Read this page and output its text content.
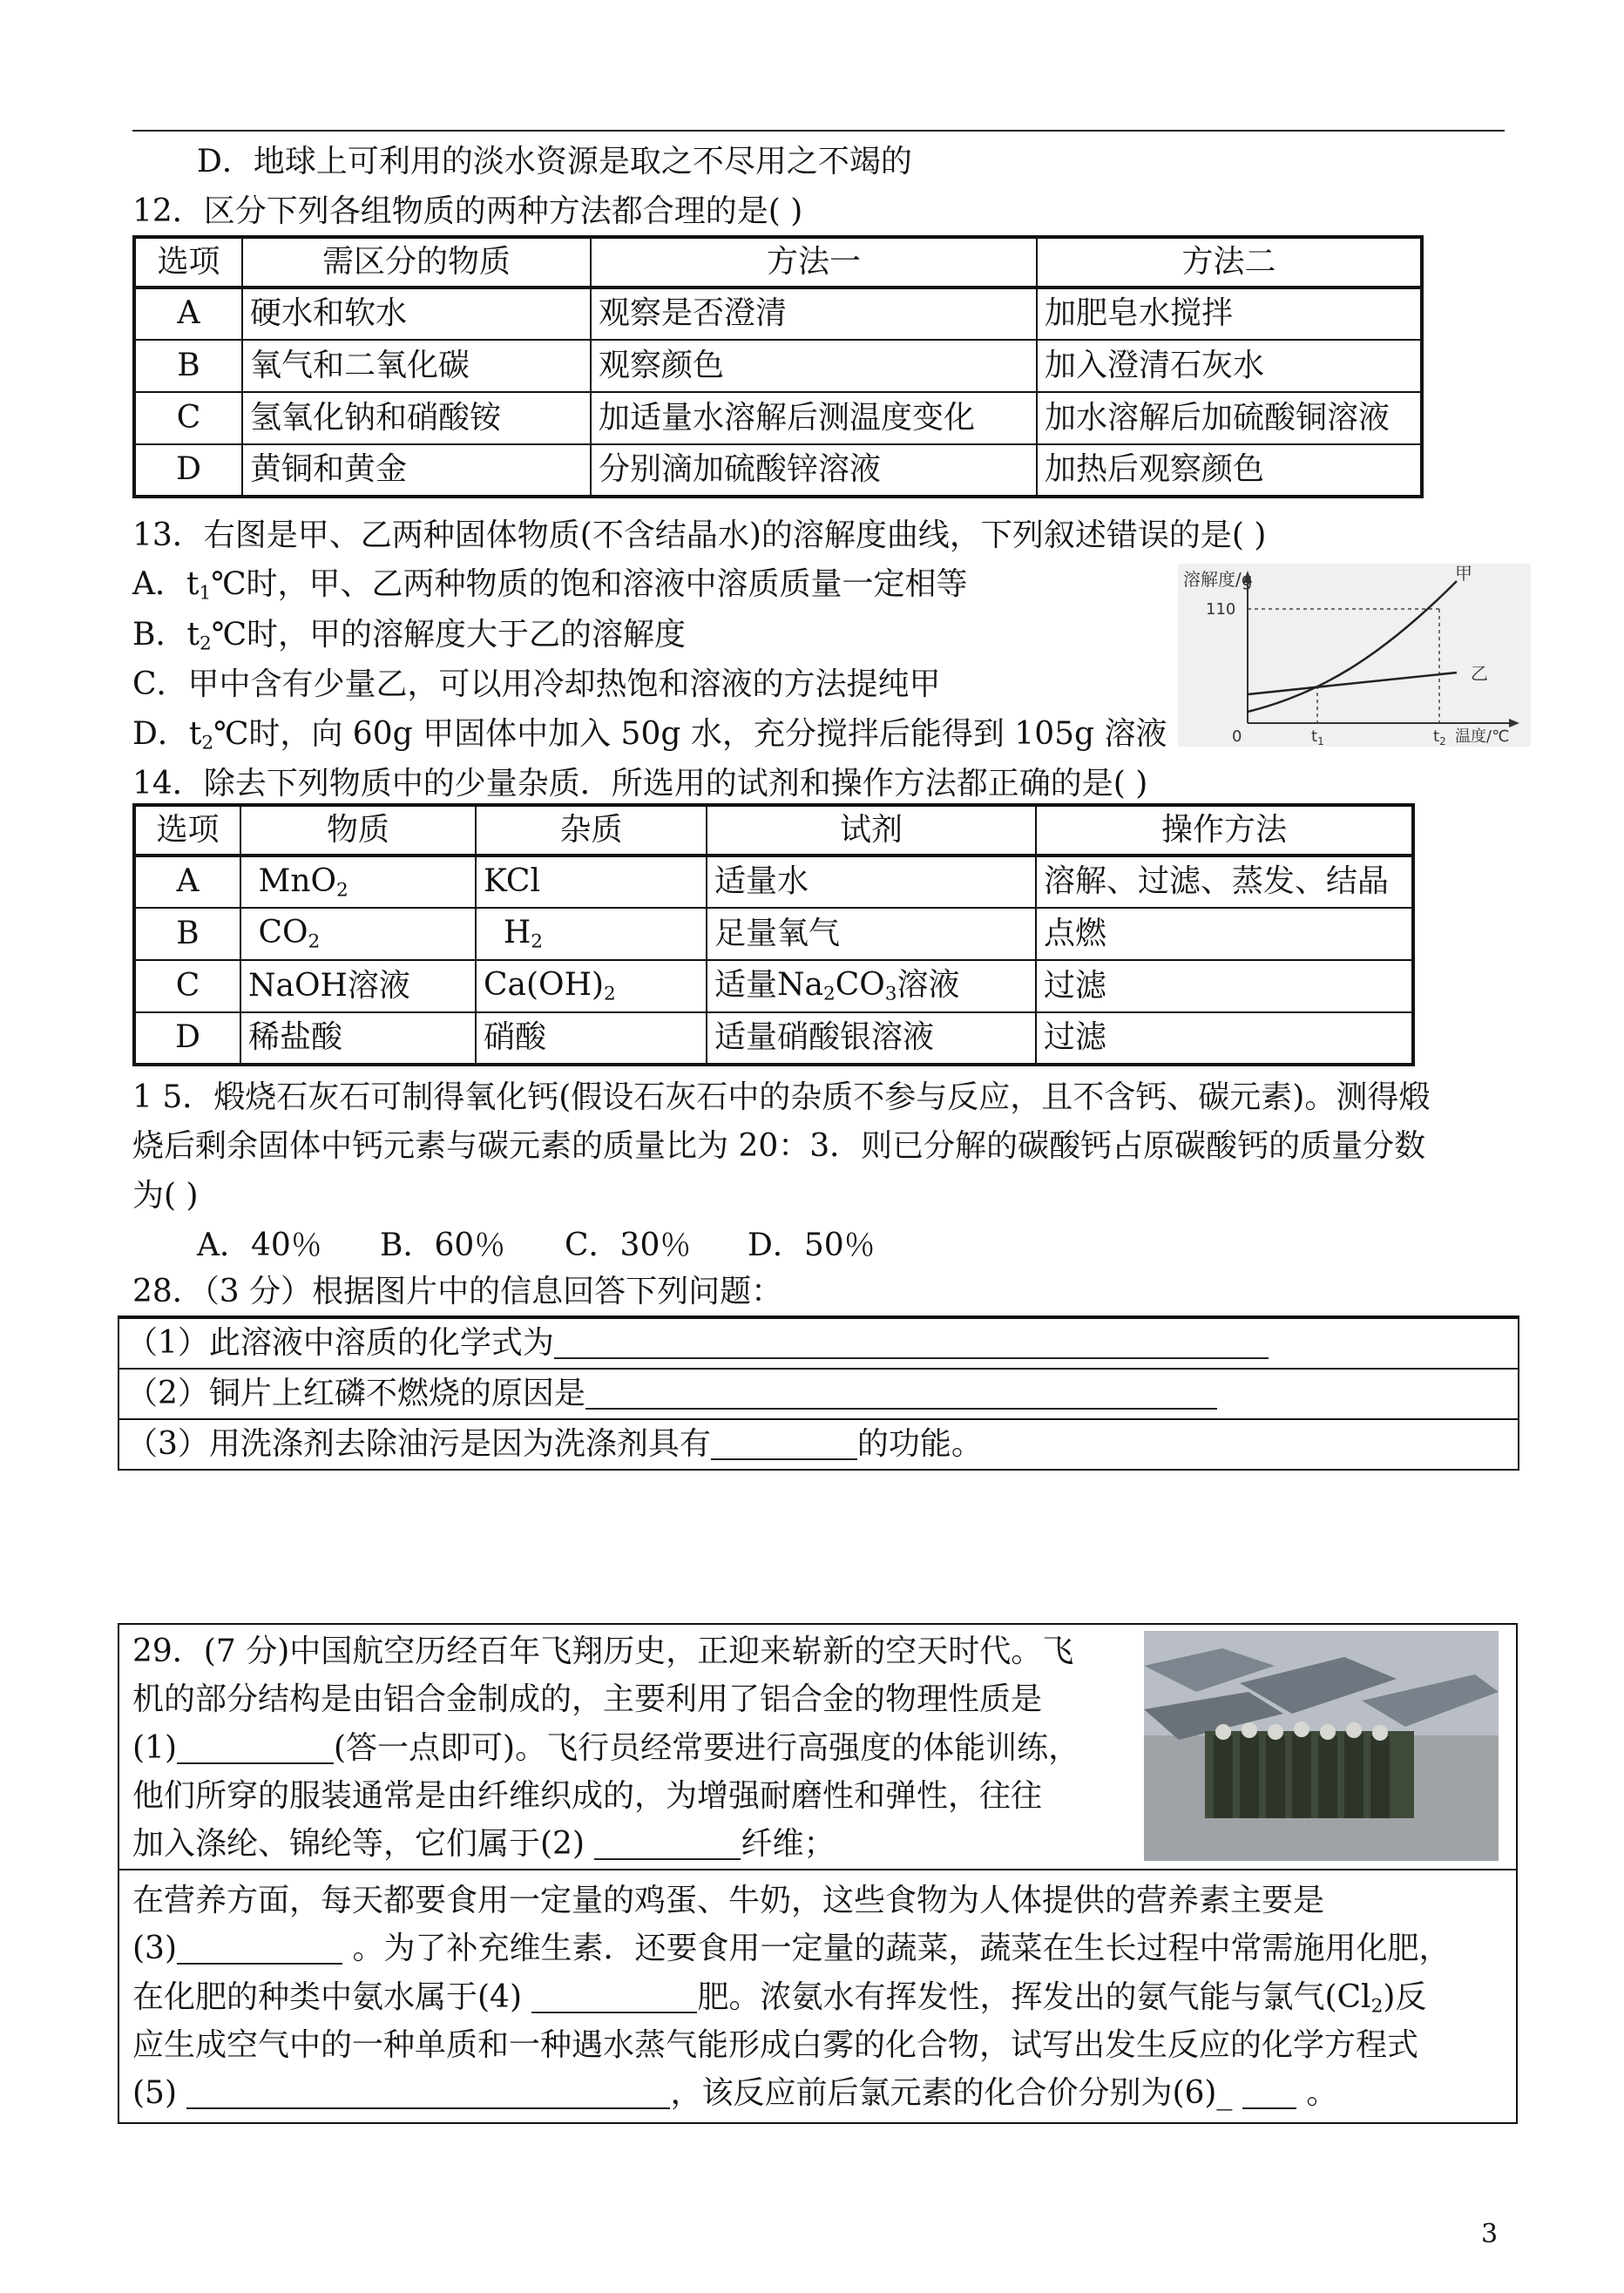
D．地球上可利用的淡水资源是取之不尽用之不竭的
12．区分下列各组物质的两种方法都合理的是( )
选项	需区分的物质	方法一	方法二
A	硬水和软水	观察是否澄清	加肥皂水搅拌
B	氧气和二氧化碳	观察颜色	加入澄清石灰水
C	氢氧化钠和硝酸铵	加适量水溶解后测温度变化	加水溶解后加硫酸铜溶液
D	黄铜和黄金	分别滴加硫酸锌溶液	加热后观察颜色
13．右图是甲、乙两种固体物质(不含结晶水)的溶解度曲线，下列叙述错误的是( )
A．$t_1℃$时，甲、乙两种物质的饱和溶液中溶质质量一定相等
B．$t_2℃$时，甲的溶解度大于乙的溶解度
C．甲中含有少量乙，可以用冷却热饱和溶液的方法提纯甲
D．$t_2℃$时，向 60g 甲固体中加入 50g 水，充分搅拌后能得到 105g 溶液
溶解度/g
110
0	$t_1$	$t_2$ 温度/℃
甲
乙
14．除去下列物质中的少量杂质．所选用的试剂和操作方法都正确的是( )
选项	物质	杂质	试剂	操作方法
A	MnO$_2$	KCl	适量水	溶解、过滤、蒸发、结晶
B	$CO_2$	$H_2$	足量氧气	点燃
C	NaOH溶液	$Ca(OH)_2$	适量$Na_2CO_3$溶液	过滤
D	稀盐酸	硝酸	适量硝酸银溶液	过滤
1 5．煅烧石灰石可制得氧化钙(假设石灰石中的杂质不参与反应，且不含钙、碳元素)。测得煅
烧后剩余固体中钙元素与碳元素的质量比为 20：3．则已分解的碳酸钙占原碳酸钙的质量分数
为( )
A．40％ B．60％ C．30％ D．50％
28．（3 分）根据图片中的信息回答下列问题：

（1）此溶液中溶质的化学式为
（2）铜片上红磷不燃烧的原因是
（3）用洗涤剂去除油污是因为洗涤剂具有	的功能。
29．(7 分)中国航空历经百年飞翔历史，正迎来崭新的空天时代。飞
机的部分结构是由铝合金制成的，主要利用了铝合金的物理性质是
(1)	(答一点即可)。飞行员经常要进行高强度的体能训练，
他们所穿的服装通常是由纤维织成的，为增强耐磨性和弹性，往往
加入涤纶、锦纶等，它们属于(2)	纤维；
在营养方面，每天都要食用一定量的鸡蛋、牛奶，这些食物为人体提供的营养素主要是
(3)	。为了补充维生素．还要食用一定量的蔬菜，蔬菜在生长过程中常需施用化肥，
在化肥的种类中氨水属于(4)	肥。浓氨水有挥发性，挥发出的氨气能与氯气$(Cl_2)$反
应生成空气中的一种单质和一种遇水蒸气能形成白雾的化合物，试写出发生反应的化学方程式
(5)	，该反应前后氯元素的化合价分别为(6)_  。
3
